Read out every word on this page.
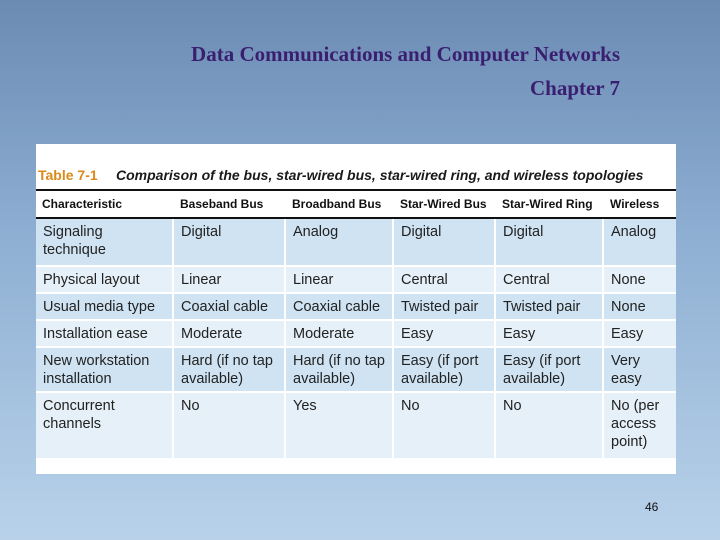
Data Communications and Computer Networks
Chapter 7
Table 7-1	Comparison of the bus, star-wired bus, star-wired ring, and wireless topologies
Characteristic	Baseband Bus	Broadband Bus	Star-Wired Bus	Star-Wired Ring	Wireless
Signaling technique	Digital	Analog	Digital	Digital	Analog
Physical layout	Linear	Linear	Central	Central	None
Usual media type	Coaxial cable	Coaxial cable	Twisted pair	Twisted pair	None
Installation ease	Moderate	Moderate	Easy	Easy	Easy
New workstation installation	Hard (if no tap available)	Hard (if no tap available)	Easy (if port available)	Easy (if port available)	Very easy
Concurrent channels	No	Yes	No	No	No (per access point)
46
